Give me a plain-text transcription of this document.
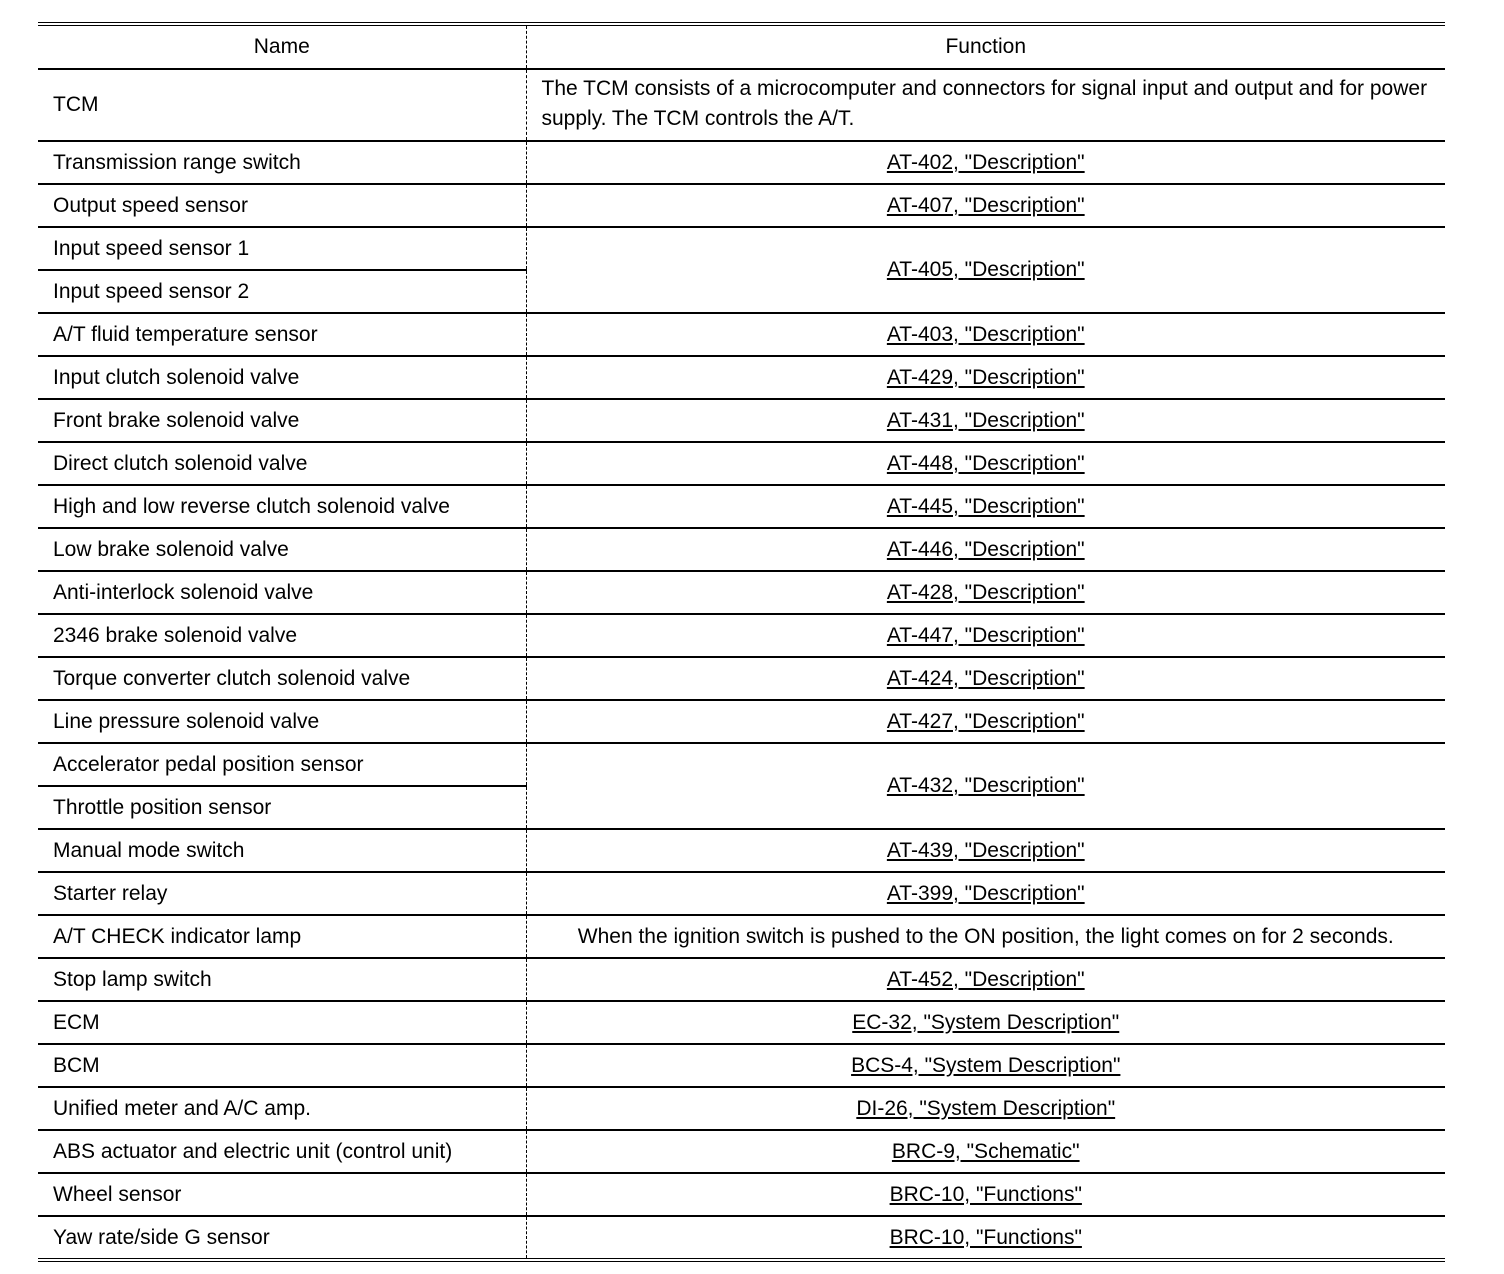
Name	Function
TCM	The TCM consists of a microcomputer and connectors for signal input and output and for power supply. The TCM controls the A/T.
Transmission range switch	AT-402, "Description"
Output speed sensor	AT-407, "Description"
Input speed sensor 1	AT-405, "Description"
Input speed sensor 2	
A/T fluid temperature sensor	AT-403, "Description"
Input clutch solenoid valve	AT-429, "Description"
Front brake solenoid valve	AT-431, "Description"
Direct clutch solenoid valve	AT-448, "Description"
High and low reverse clutch solenoid valve	AT-445, "Description"
Low brake solenoid valve	AT-446, "Description"
Anti-interlock solenoid valve	AT-428, "Description"
2346 brake solenoid valve	AT-447, "Description"
Torque converter clutch solenoid valve	AT-424, "Description"
Line pressure solenoid valve	AT-427, "Description"
Accelerator pedal position sensor	AT-432, "Description"
Throttle position sensor	
Manual mode switch	AT-439, "Description"
Starter relay	AT-399, "Description"
A/T CHECK indicator lamp	When the ignition switch is pushed to the ON position, the light comes on for 2 seconds.
Stop lamp switch	AT-452, "Description"
ECM	EC-32, "System Description"
BCM	BCS-4, "System Description"
Unified meter and A/C amp.	DI-26, "System Description"
ABS actuator and electric unit (control unit)	BRC-9, "Schematic"
Wheel sensor	BRC-10, "Functions"
Yaw rate/side G sensor	BRC-10, "Functions"
